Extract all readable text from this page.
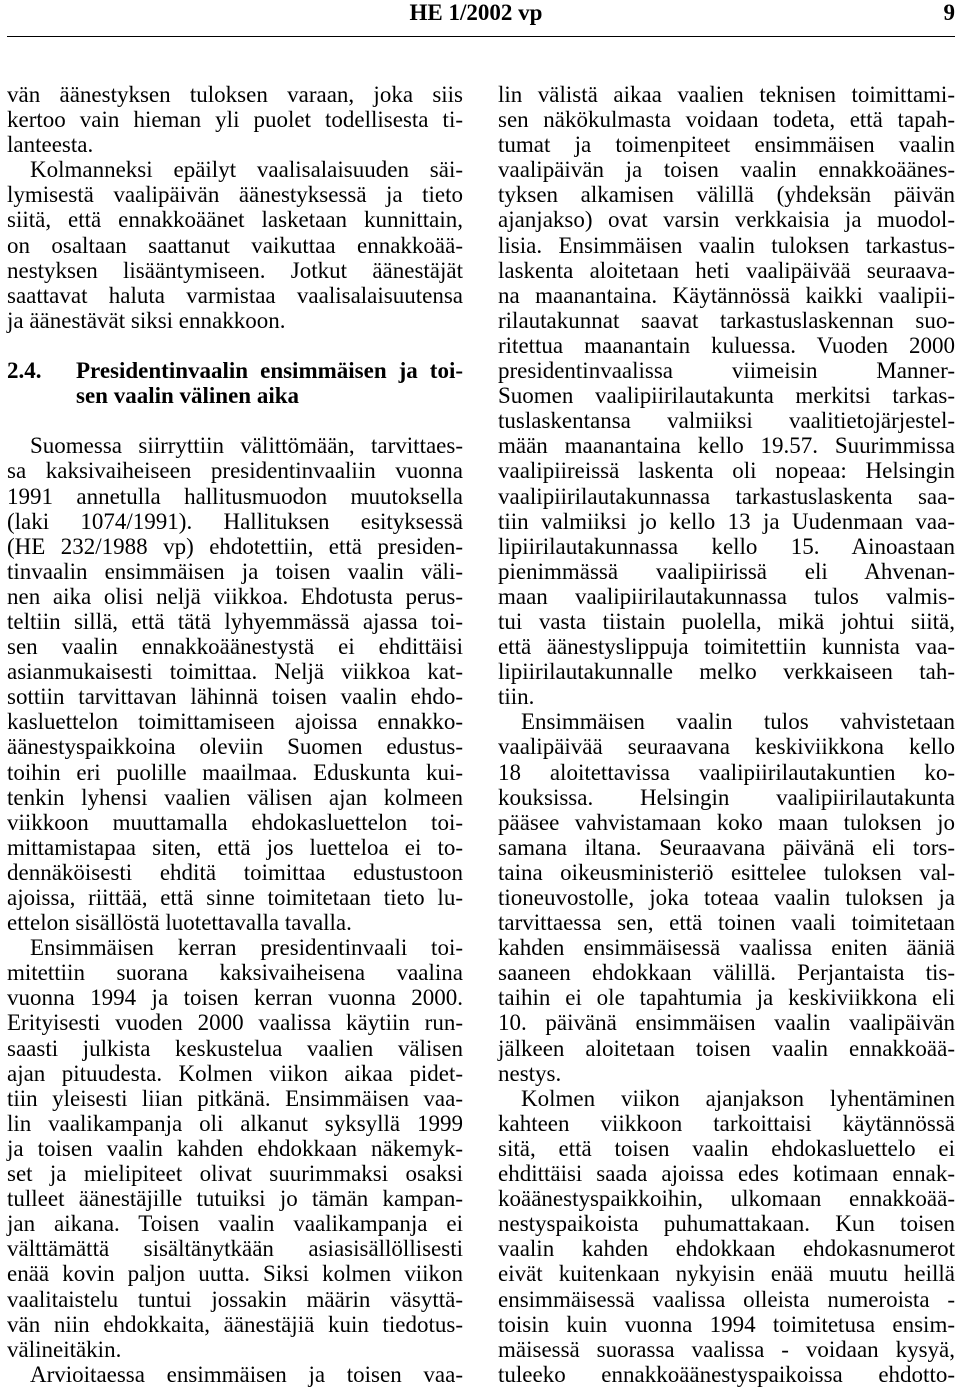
HE 1/2002 vp	9
vän äänestyksen tuloksen varaan, joka siis
kertoo vain hieman yli puolet todellisesta ti-
lanteesta.
Kolmanneksi epäilyt vaalisalaisuuden säi-
lymisestä vaalipäivän äänestyksessä ja tieto
siitä, että ennakkoäänet lasketaan kunnittain,
on osaltaan saattanut vaikuttaa ennakkoää-
nestyksen lisääntymiseen. Jotkut äänestäjät
saattavat haluta varmistaa vaalisalaisuutensa
ja äänestävät siksi ennakkoon.
2.4.	Presidentinvaalin ensimmäisen ja toi-
sen vaalin välinen aika
Suomessa siirryttiin välittömään, tarvittaes-
sa kaksivaiheiseen presidentinvaaliin vuonna
1991 annetulla hallitusmuodon muutoksella
(laki 1074/1991). Hallituksen esityksessä
(HE 232/1988 vp) ehdotettiin, että presiden-
tinvaalin ensimmäisen ja toisen vaalin väli-
nen aika olisi neljä viikkoa. Ehdotusta perus-
teltiin sillä, että tätä lyhyemmässä ajassa toi-
sen vaalin ennakkoäänestystä ei ehdittäisi
asianmukaisesti toimittaa. Neljä viikkoa kat-
sottiin tarvittavan lähinnä toisen vaalin ehdo-
kasluettelon toimittamiseen ajoissa ennakko-
äänestyspaikkoina oleviin Suomen edustus-
toihin eri puolille maailmaa. Eduskunta kui-
tenkin lyhensi vaalien välisen ajan kolmeen
viikkoon muuttamalla ehdokasluettelon toi-
mittamistapaa siten, että jos luetteloa ei to-
dennäköisesti ehditä toimittaa edustustoon
ajoissa, riittää, että sinne toimitetaan tieto lu-
ettelon sisällöstä luotettavalla tavalla.
Ensimmäisen kerran presidentinvaali toi-
mitettiin suorana kaksivaiheisena vaalina
vuonna 1994 ja toisen kerran vuonna 2000.
Erityisesti vuoden 2000 vaalissa käytiin run-
saasti julkista keskustelua vaalien välisen
ajan pituudesta. Kolmen viikon aikaa pidet-
tiin yleisesti liian pitkänä. Ensimmäisen vaa-
lin vaalikampanja oli alkanut syksyllä 1999
ja toisen vaalin kahden ehdokkaan näkemyk-
set ja mielipiteet olivat suurimmaksi osaksi
tulleet äänestäjille tutuiksi jo tämän kampan-
jan aikana. Toisen vaalin vaalikampanja ei
välttämättä sisältänytkään asiasisällöllisesti
enää kovin paljon uutta. Siksi kolmen viikon
vaalitaistelu tuntui jossakin määrin väsyttä-
vän niin ehdokkaita, äänestäjiä kuin tiedotus-
välineitäkin.
Arvioitaessa ensimmäisen ja toisen vaa-
lin välistä aikaa vaalien teknisen toimittami-
sen näkökulmasta voidaan todeta, että tapah-
tumat ja toimenpiteet ensimmäisen vaalin
vaalipäivän ja toisen vaalin ennakkoäänes-
tyksen alkamisen välillä (yhdeksän päivän
ajanjakso) ovat varsin verkkaisia ja muodol-
lisia. Ensimmäisen vaalin tuloksen tarkastus-
laskenta aloitetaan heti vaalipäivää seuraava-
na maanantaina. Käytännössä kaikki vaalipii-
rilautakunnat saavat tarkastuslaskennan suo-
ritettua maanantain kuluessa. Vuoden 2000
presidentinvaalissa viimeisin Manner-
Suomen vaalipiirilautakunta merkitsi tarkas-
tuslaskentansa valmiiksi vaalitietojärjestel-
mään maanantaina kello 19.57. Suurimmissa
vaalipiireissä laskenta oli nopeaa: Helsingin
vaalipiirilautakunnassa tarkastuslaskenta saa-
tiin valmiiksi jo kello 13 ja Uudenmaan vaa-
lipiirilautakunnassa kello 15. Ainoastaan
pienimmässä vaalipiirissä eli Ahvenan-
maan vaalipiirilautakunnassa tulos valmis-
tui vasta tiistain puolella, mikä johtui siitä,
että äänestyslippuja toimitettiin kunnista vaa-
lipiirilautakunnalle melko verkkaiseen tah-
tiin.
Ensimmäisen vaalin tulos vahvistetaan
vaalipäivää seuraavana keskiviikkona kello
18 aloitettavissa vaalipiirilautakuntien ko-
kouksissa. Helsingin vaalipiirilautakunta
pääsee vahvistamaan koko maan tuloksen jo
samana iltana. Seuraavana päivänä eli tors-
taina oikeusministeriö esittelee tuloksen val-
tioneuvostolle, joka toteaa vaalin tuloksen ja
tarvittaessa sen, että toinen vaali toimitetaan
kahden ensimmäisessä vaalissa eniten ääniä
saaneen ehdokkaan välillä. Perjantaista tis-
taihin ei ole tapahtumia ja keskiviikkona eli
10. päivänä ensimmäisen vaalin vaalipäivän
jälkeen aloitetaan toisen vaalin ennakkoää-
nestys.
Kolmen viikon ajanjakson lyhentäminen
kahteen viikkoon tarkoittaisi käytännössä
sitä, että toisen vaalin ehdokasluettelo ei
ehdittäisi saada ajoissa edes kotimaan ennak-
koäänestyspaikkoihin, ulkomaan ennakkoää-
nestyspaikoista puhumattakaan. Kun toisen
vaalin kahden ehdokkaan ehdokasnumerot
eivät kuitenkaan nykyisin enää muutu heillä
ensimmäisessä vaalissa olleista numeroista -
toisin kuin vuonna 1994 toimitetusa ensim-
mäisessä suorassa vaalissa - voidaan kysyä,
tuleeko ennakkoäänestyspaikoissa ehdotto-
